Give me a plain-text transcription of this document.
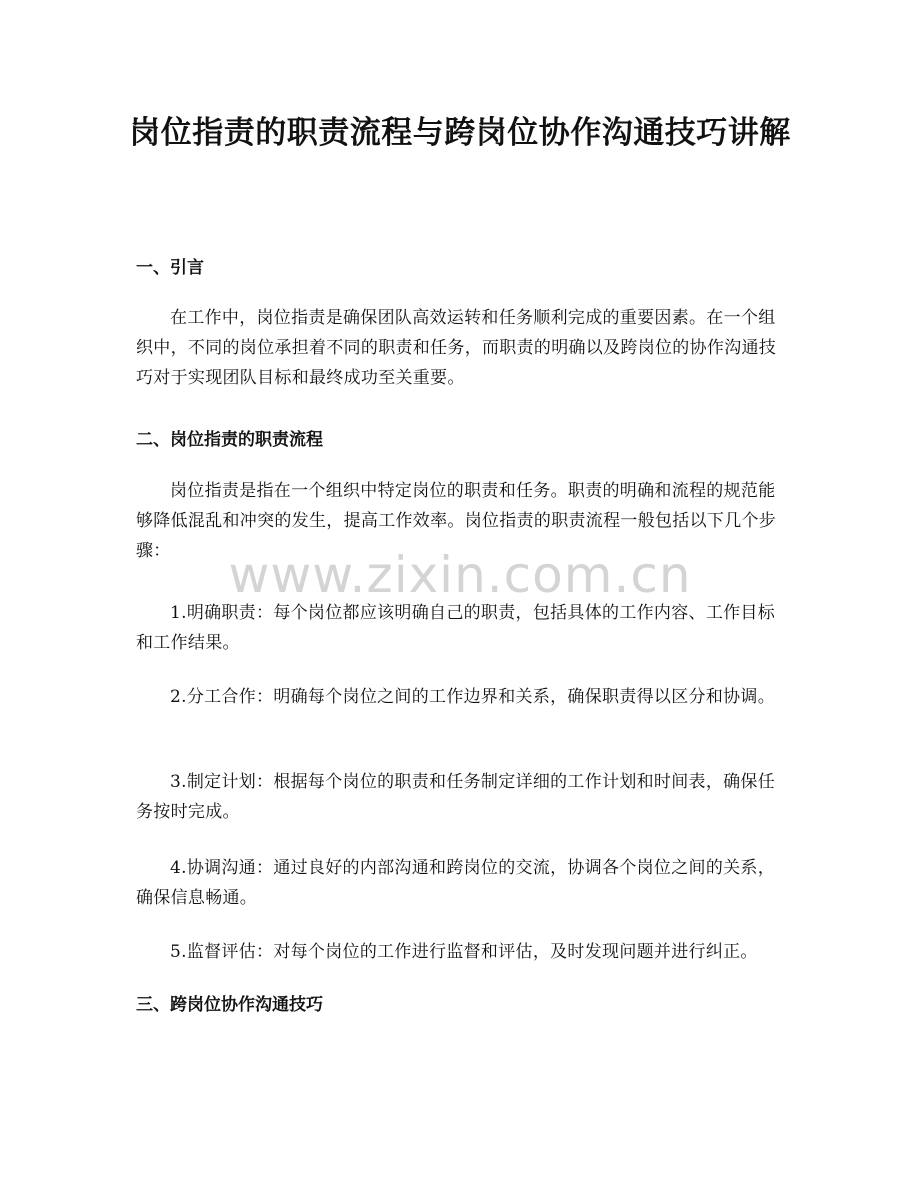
岗位指责的职责流程与跨岗位协作沟通技巧讲解
一、引言

在工作中，岗位指责是确保团队高效运转和任务顺利完成的重要因素。在一个组织中，不同的岗位承担着不同的职责和任务，而职责的明确以及跨岗位的协作沟通技巧对于实现团队目标和最终成功至关重要。

二、岗位指责的职责流程

岗位指责是指在一个组织中特定岗位的职责和任务。职责的明确和流程的规范能够降低混乱和冲突的发生，提高工作效率。岗位指责的职责流程一般包括以下几个步骤：

1.明确职责：每个岗位都应该明确自己的职责，包括具体的工作内容、工作目标和工作结果。

2.分工合作：明确每个岗位之间的工作边界和关系，确保职责得以区分和协调。

3.制定计划：根据每个岗位的职责和任务制定详细的工作计划和时间表，确保任务按时完成。

4.协调沟通：通过良好的内部沟通和跨岗位的交流，协调各个岗位之间的关系，确保信息畅通。

5.监督评估：对每个岗位的工作进行监督和评估，及时发现问题并进行纠正。

三、跨岗位协作沟通技巧
www.zixin.com.cn
